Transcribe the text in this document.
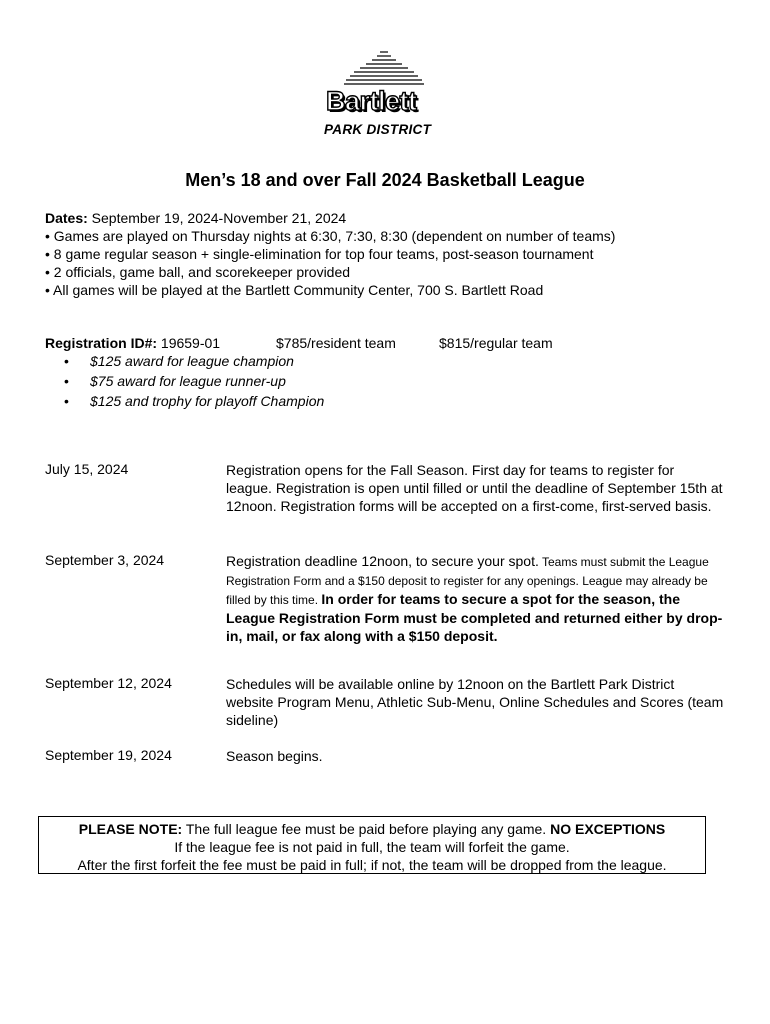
Bartlett
PARK DISTRICT
Men’s 18 and over Fall 2024 Basketball League
Dates: September 19, 2024-November 21, 2024
• Games are played on Thursday nights at 6:30, 7:30, 8:30 (dependent on number of teams)
• 8 game regular season + single-elimination for top four teams, post-season tournament
• 2 officials, game ball, and scorekeeper provided
• All games will be played at the Bartlett Community Center, 700 S. Bartlett Road
Registration ID#: 19659-01	$785/resident team	$815/regular team
• $125 award for league champion
• $75 award for league runner-up
• $125 and trophy for playoff Champion
July 15, 2024	Registration opens for the Fall Season. First day for teams to register for league. Registration is open until filled or until the deadline of September 15th at 12noon. Registration forms will be accepted on a first-come, first-served basis.
September 3, 2024	Registration deadline 12noon, to secure your spot. Teams must submit the League Registration Form and a $150 deposit to register for any openings. League may already be filled by this time. In order for teams to secure a spot for the season, the League Registration Form must be completed and returned either by drop-in, mail, or fax along with a $150 deposit.
September 12, 2024	Schedules will be available online by 12noon on the Bartlett Park District website Program Menu, Athletic Sub-Menu, Online Schedules and Scores (team sideline)
September 19, 2024	Season begins.
PLEASE NOTE: The full league fee must be paid before playing any game. NO EXCEPTIONS
If the league fee is not paid in full, the team will forfeit the game.
After the first forfeit the fee must be paid in full; if not, the team will be dropped from the league.
